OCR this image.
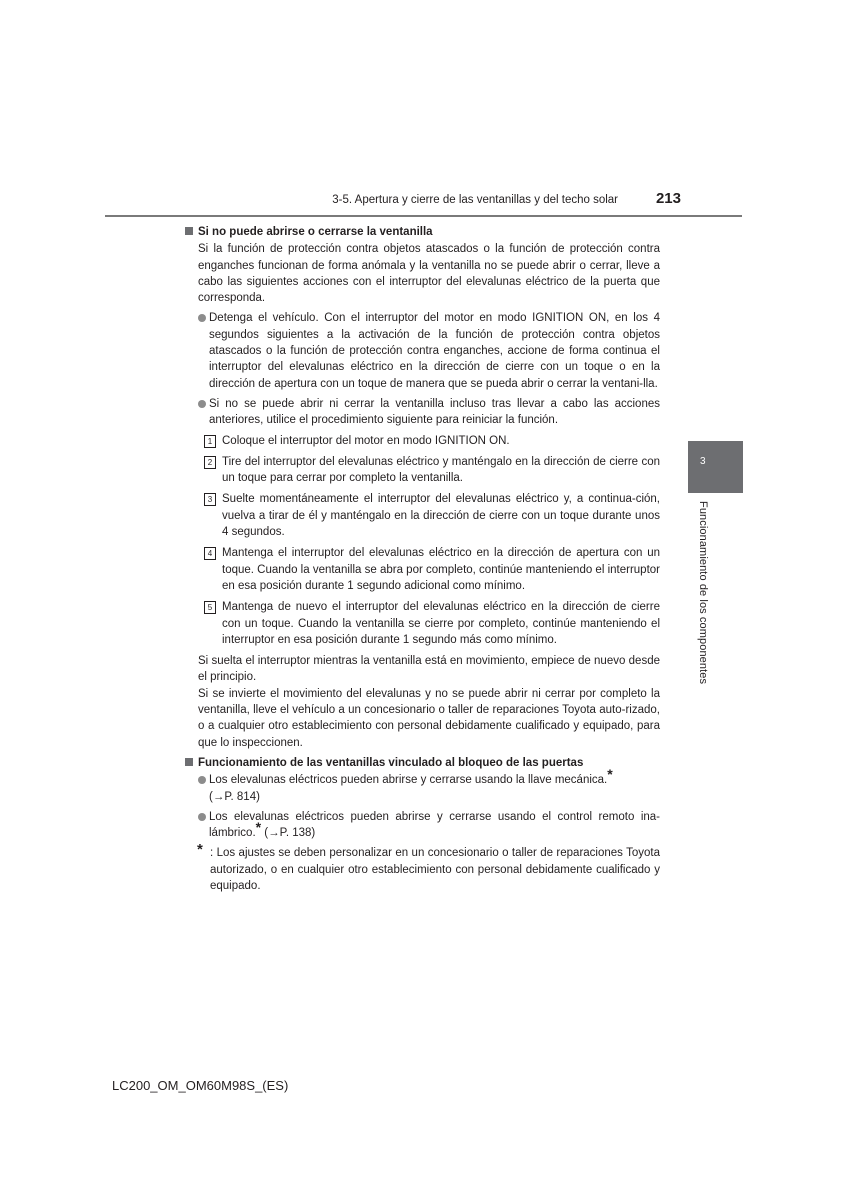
3-5. Apertura y cierre de las ventanillas y del techo solar	213
3
Funcionamiento de los componentes
Si no puede abrirse o cerrarse la ventanilla
Si la función de protección contra objetos atascados o la función de protección contra enganches funcionan de forma anómala y la ventanilla no se puede abrir o cerrar, lleve a cabo las siguientes acciones con el interruptor del elevalunas eléctrico de la puerta que corresponda.
Detenga el vehículo. Con el interruptor del motor en modo IGNITION ON, en los 4 segundos siguientes a la activación de la función de protección contra objetos atascados o la función de protección contra enganches, accione de forma continua el interruptor del elevalunas eléctrico en la dirección de cierre con un toque o en la dirección de apertura con un toque de manera que se pueda abrir o cerrar la ventani-lla.
Si no se puede abrir ni cerrar la ventanilla incluso tras llevar a cabo las acciones anteriores, utilice el procedimiento siguiente para reiniciar la función.
1 Coloque el interruptor del motor en modo IGNITION ON.
2 Tire del interruptor del elevalunas eléctrico y manténgalo en la dirección de cierre con un toque para cerrar por completo la ventanilla.
3 Suelte momentáneamente el interruptor del elevalunas eléctrico y, a continua-ción, vuelva a tirar de él y manténgalo en la dirección de cierre con un toque durante unos 4 segundos.
4 Mantenga el interruptor del elevalunas eléctrico en la dirección de apertura con un toque. Cuando la ventanilla se abra por completo, continúe manteniendo el interruptor en esa posición durante 1 segundo adicional como mínimo.
5 Mantenga de nuevo el interruptor del elevalunas eléctrico en la dirección de cierre con un toque. Cuando la ventanilla se cierre por completo, continúe manteniendo el interruptor en esa posición durante 1 segundo más como mínimo.
Si suelta el interruptor mientras la ventanilla está en movimiento, empiece de nuevo desde el principio.
Si se invierte el movimiento del elevalunas y no se puede abrir ni cerrar por completo la ventanilla, lleve el vehículo a un concesionario o taller de reparaciones Toyota auto-rizado, o a cualquier otro establecimiento con personal debidamente cualificado y equipado, para que lo inspeccionen.
Funcionamiento de las ventanillas vinculado al bloqueo de las puertas
Los elevalunas eléctricos pueden abrirse y cerrarse usando la llave mecánica.*
(→P. 814)
Los elevalunas eléctricos pueden abrirse y cerrarse usando el control remoto ina-lámbrico.* (→P. 138)
* : Los ajustes se deben personalizar en un concesionario o taller de reparaciones Toyota autorizado, o en cualquier otro establecimiento con personal debidamente cualificado y equipado.
LC200_OM_OM60M98S_(ES)
